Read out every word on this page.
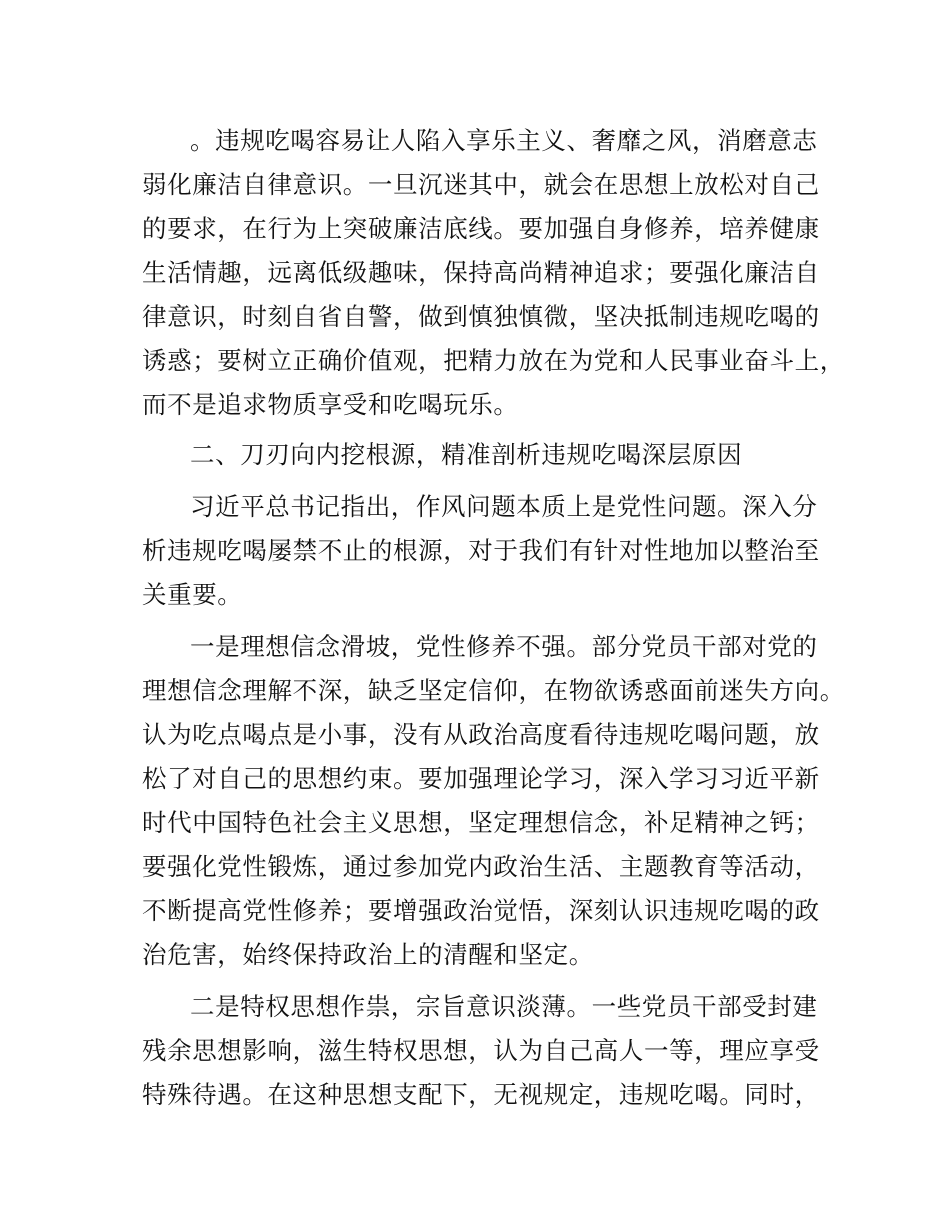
。违规吃喝容易让人陷入享乐主义、奢靡之风，消磨意志
弱化廉洁自律意识。一旦沉迷其中，就会在思想上放松对自己
的要求，在行为上突破廉洁底线。要加强自身修养，培养健康
生活情趣，远离低级趣味，保持高尚精神追求；要强化廉洁自
律意识，时刻自省自警，做到慎独慎微，坚决抵制违规吃喝的
诱惑；要树立正确价值观，把精力放在为党和人民事业奋斗上，
而不是追求物质享受和吃喝玩乐。
二、刀刃向内挖根源，精准剖析违规吃喝深层原因
习近平总书记指出，作风问题本质上是党性问题。深入分
析违规吃喝屡禁不止的根源，对于我们有针对性地加以整治至
关重要。
一是理想信念滑坡，党性修养不强。部分党员干部对党的
理想信念理解不深，缺乏坚定信仰，在物欲诱惑面前迷失方向。
认为吃点喝点是小事，没有从政治高度看待违规吃喝问题，放
松了对自己的思想约束。要加强理论学习，深入学习习近平新
时代中国特色社会主义思想，坚定理想信念，补足精神之钙；
要强化党性锻炼，通过参加党内政治生活、主题教育等活动，
不断提高党性修养；要增强政治觉悟，深刻认识违规吃喝的政
治危害，始终保持政治上的清醒和坚定。
二是特权思想作祟，宗旨意识淡薄。一些党员干部受封建
残余思想影响，滋生特权思想，认为自己高人一等，理应享受
特殊待遇。在这种思想支配下，无视规定，违规吃喝。同时，
